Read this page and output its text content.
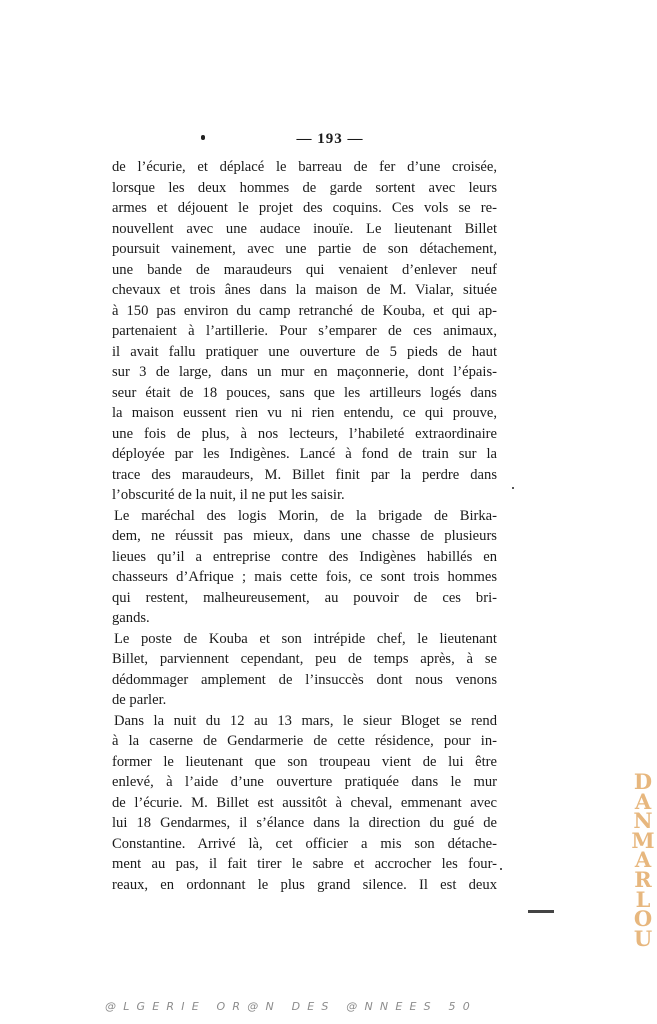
— 193 —
de l’écurie, et déplacé le barreau de fer d’une croisée,
lorsque les deux hommes de garde sortent avec leurs
armes et déjouent le projet des coquins. Ces vols se re-
nouvellent avec une audace inouïe. Le lieutenant Billet
poursuit vainement, avec une partie de son détachement,
une bande de maraudeurs qui venaient d’enlever neuf
chevaux et trois ânes dans la maison de M. Vialar, située
à 150 pas environ du camp retranché de Kouba, et qui ap-
partenaient à l’artillerie. Pour s’emparer de ces animaux,
il avait fallu pratiquer une ouverture de 5 pieds de haut
sur 3 de large, dans un mur en maçonnerie, dont l’épais-
seur était de 18 pouces, sans que les artilleurs logés dans
la maison eussent rien vu ni rien entendu, ce qui prouve,
une fois de plus, à nos lecteurs, l’habileté extraordinaire
déployée par les Indigènes. Lancé à fond de train sur la
trace des maraudeurs, M. Billet finit par la perdre dans
l’obscurité de la nuit, il ne put les saisir.
Le maréchal des logis Morin, de la brigade de Birka-
dem, ne réussit pas mieux, dans une chasse de plusieurs
lieues qu’il a entreprise contre des Indigènes habillés en
chasseurs d’Afrique ; mais cette fois, ce sont trois hommes
qui restent, malheureusement, au pouvoir de ces bri-
gands.
Le poste de Kouba et son intrépide chef, le lieutenant
Billet, parviennent cependant, peu de temps après, à se
dédommager amplement de l’insuccès dont nous venons
de parler.
Dans la nuit du 12 au 13 mars, le sieur Bloget se rend
à la caserne de Gendarmerie de cette résidence, pour in-
former le lieutenant que son troupeau vient de lui être
enlevé, à l’aide d’une ouverture pratiquée dans le mur
de l’écurie. M. Billet est aussitôt à cheval, emmenant avec
lui 18 Gendarmes, il s’élance dans la direction du gué de
Constantine. Arrivé là, cet officier a mis son détache-
ment au pas, il fait tirer le sabre et accrocher les four-
reaux, en ordonnant le plus grand silence. Il est deux
D
A
N
M
A
R
L
O
U
@LGERIE OR@N DES @NNEES 50
